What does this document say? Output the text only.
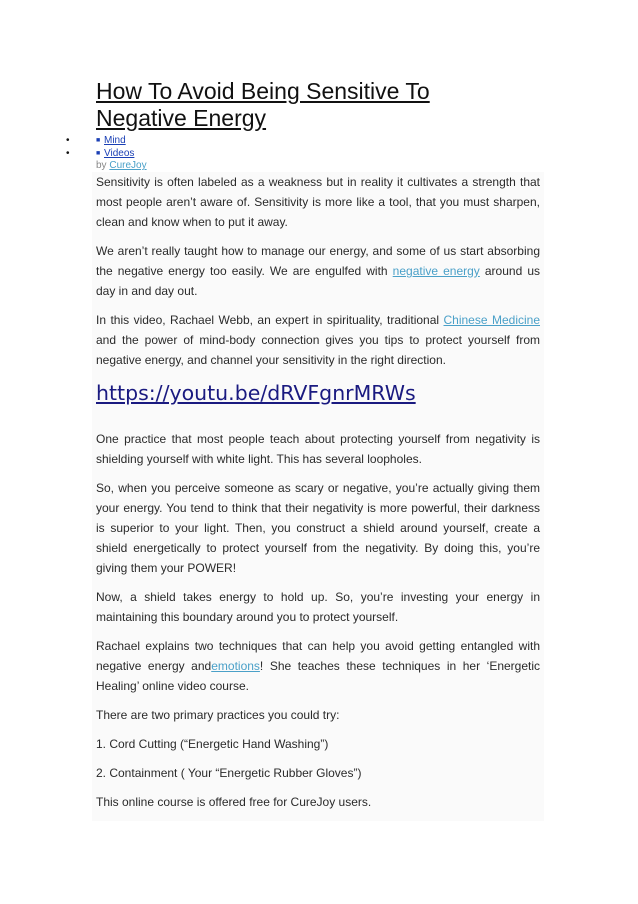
How To Avoid Being Sensitive To Negative Energy
•	■ Mind
•	■ Videos
by CureJoy

Sensitivity is often labeled as a weakness but in reality it cultivates a strength that most people aren’t aware of. Sensitivity is more like a tool, that you must sharpen, clean and know when to put it away.

We aren’t really taught how to manage our energy, and some of us start absorbing the negative energy too easily. We are engulfed with negative energy around us day in and day out.

In this video, Rachael Webb, an expert in spirituality, traditional Chinese Medicine and the power of mind-body connection gives you tips to protect yourself from negative energy, and channel your sensitivity in the right direction.

https://youtu.be/dRVFgnrMRWs

One practice that most people teach about protecting yourself from negativity is shielding yourself with white light. This has several loopholes.

So, when you perceive someone as scary or negative, you’re actually giving them your energy. You tend to think that their negativity is more powerful, their darkness is superior to your light. Then, you construct a shield around yourself, create a shield energetically to protect yourself from the negativity. By doing this, you’re giving them your POWER!

Now, a shield takes energy to hold up. So, you’re investing your energy in maintaining this boundary around you to protect yourself.

Rachael explains two techniques that can help you avoid getting entangled with negative energy andemotions! She teaches these techniques in her ‘Energetic Healing’ online video course.

There are two primary practices you could try:

1. Cord Cutting (“Energetic Hand Washing”)

2. Containment ( Your “Energetic Rubber Gloves”)

This online course is offered free for CureJoy users.
